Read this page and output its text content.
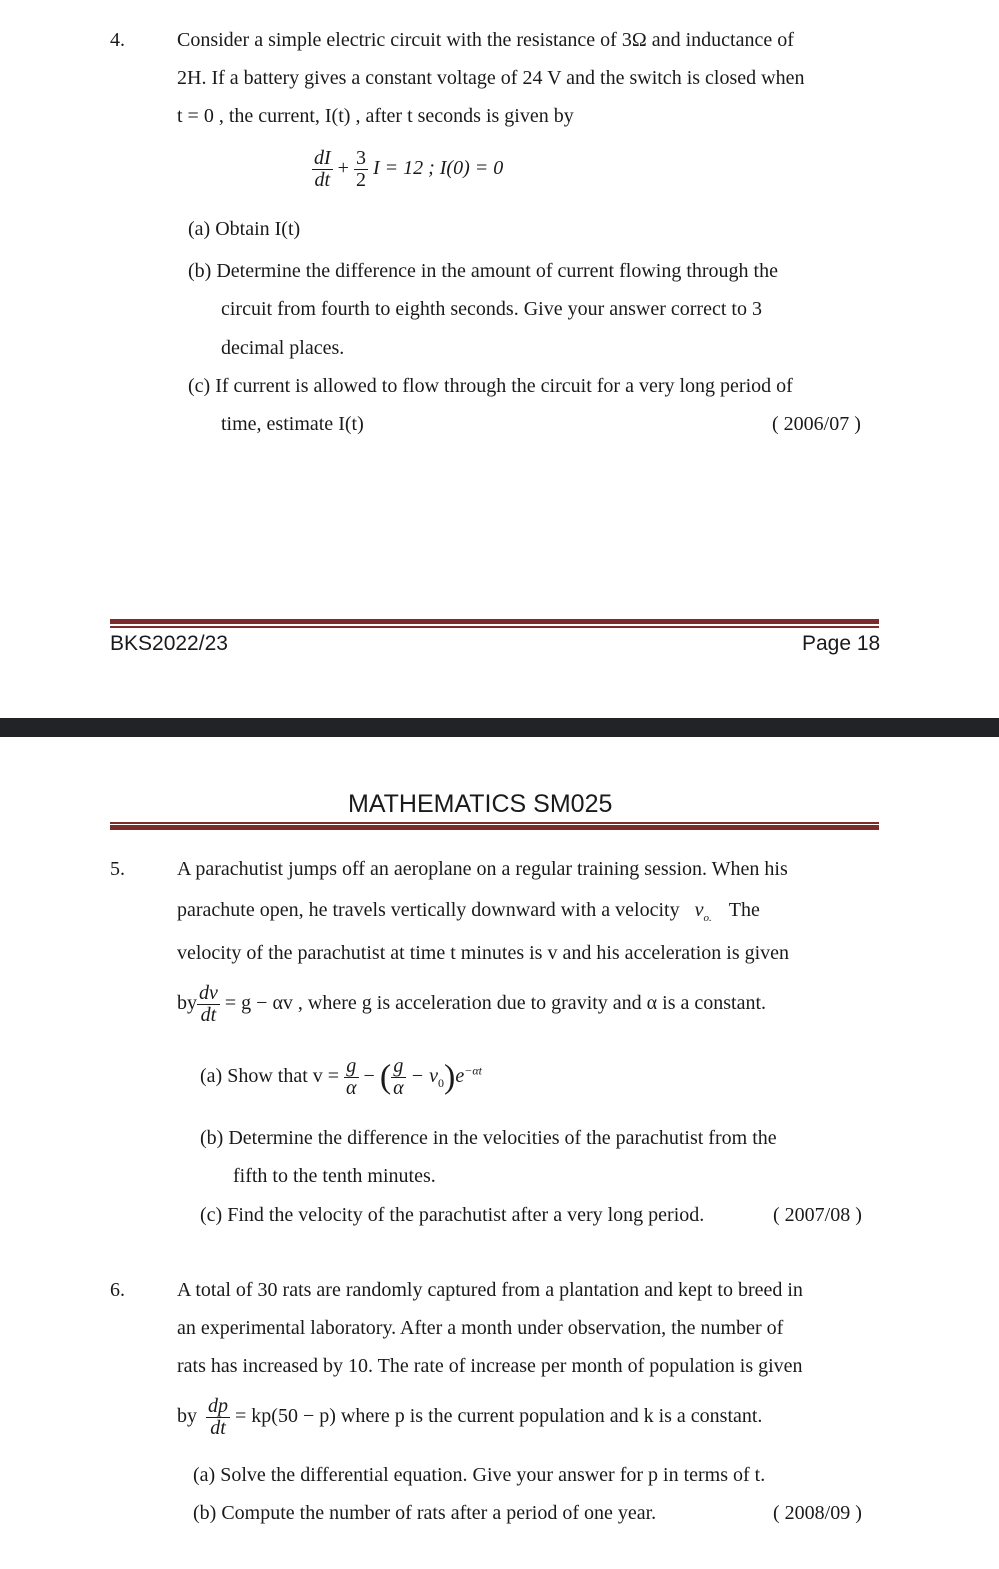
4.	Consider a simple electric circuit with the resistance of 3Ω and inductance of
2H. If a battery gives a constant voltage of 24 V and the switch is closed when
t = 0 , the current, I(t) , after t seconds is given by
$\frac{dI}{dt} + \frac{3}{2}$ I = 12 ; I(0) = 0
(a) Obtain I(t)
(b) Determine the difference in the amount of current flowing through the
circuit from fourth to eighth seconds. Give your answer correct to 3
decimal places.
(c) If current is allowed to flow through the circuit for a very long period of
time, estimate I(t)	( 2006/07 )
BKS2022/23	Page 18
MATHEMATICS SM025
5.	A parachutist jumps off an aeroplane on a regular training session. When his
parachute open, he travels vertically downward with a velocity $v_{o.}$ The
velocity of the parachutist at time t minutes is v and his acceleration is given
by $\frac{dv}{dt} = g - \alpha v$ , where g is acceleration due to gravity and α is a constant.
(a) Show that $v = \frac{g}{\alpha}$ − ( $\frac{g}{\alpha} - v_0)e^{-\alpha t}$
(b) Determine the difference in the velocities of the parachutist from the
fifth to the tenth minutes.
(c) Find the velocity of the parachutist after a very long period.	( 2007/08 )
6.	A total of 30 rats are randomly captured from a plantation and kept to breed in
an experimental laboratory. After a month under observation, the number of
rats has increased by 10. The rate of increase per month of population is given
by $\frac{dp}{dt} = kp(50 - p)$ where p is the current population and k is a constant.
(a) Solve the differential equation. Give your answer for p in terms of t.
(b) Compute the number of rats after a period of one year.	( 2008/09 )
